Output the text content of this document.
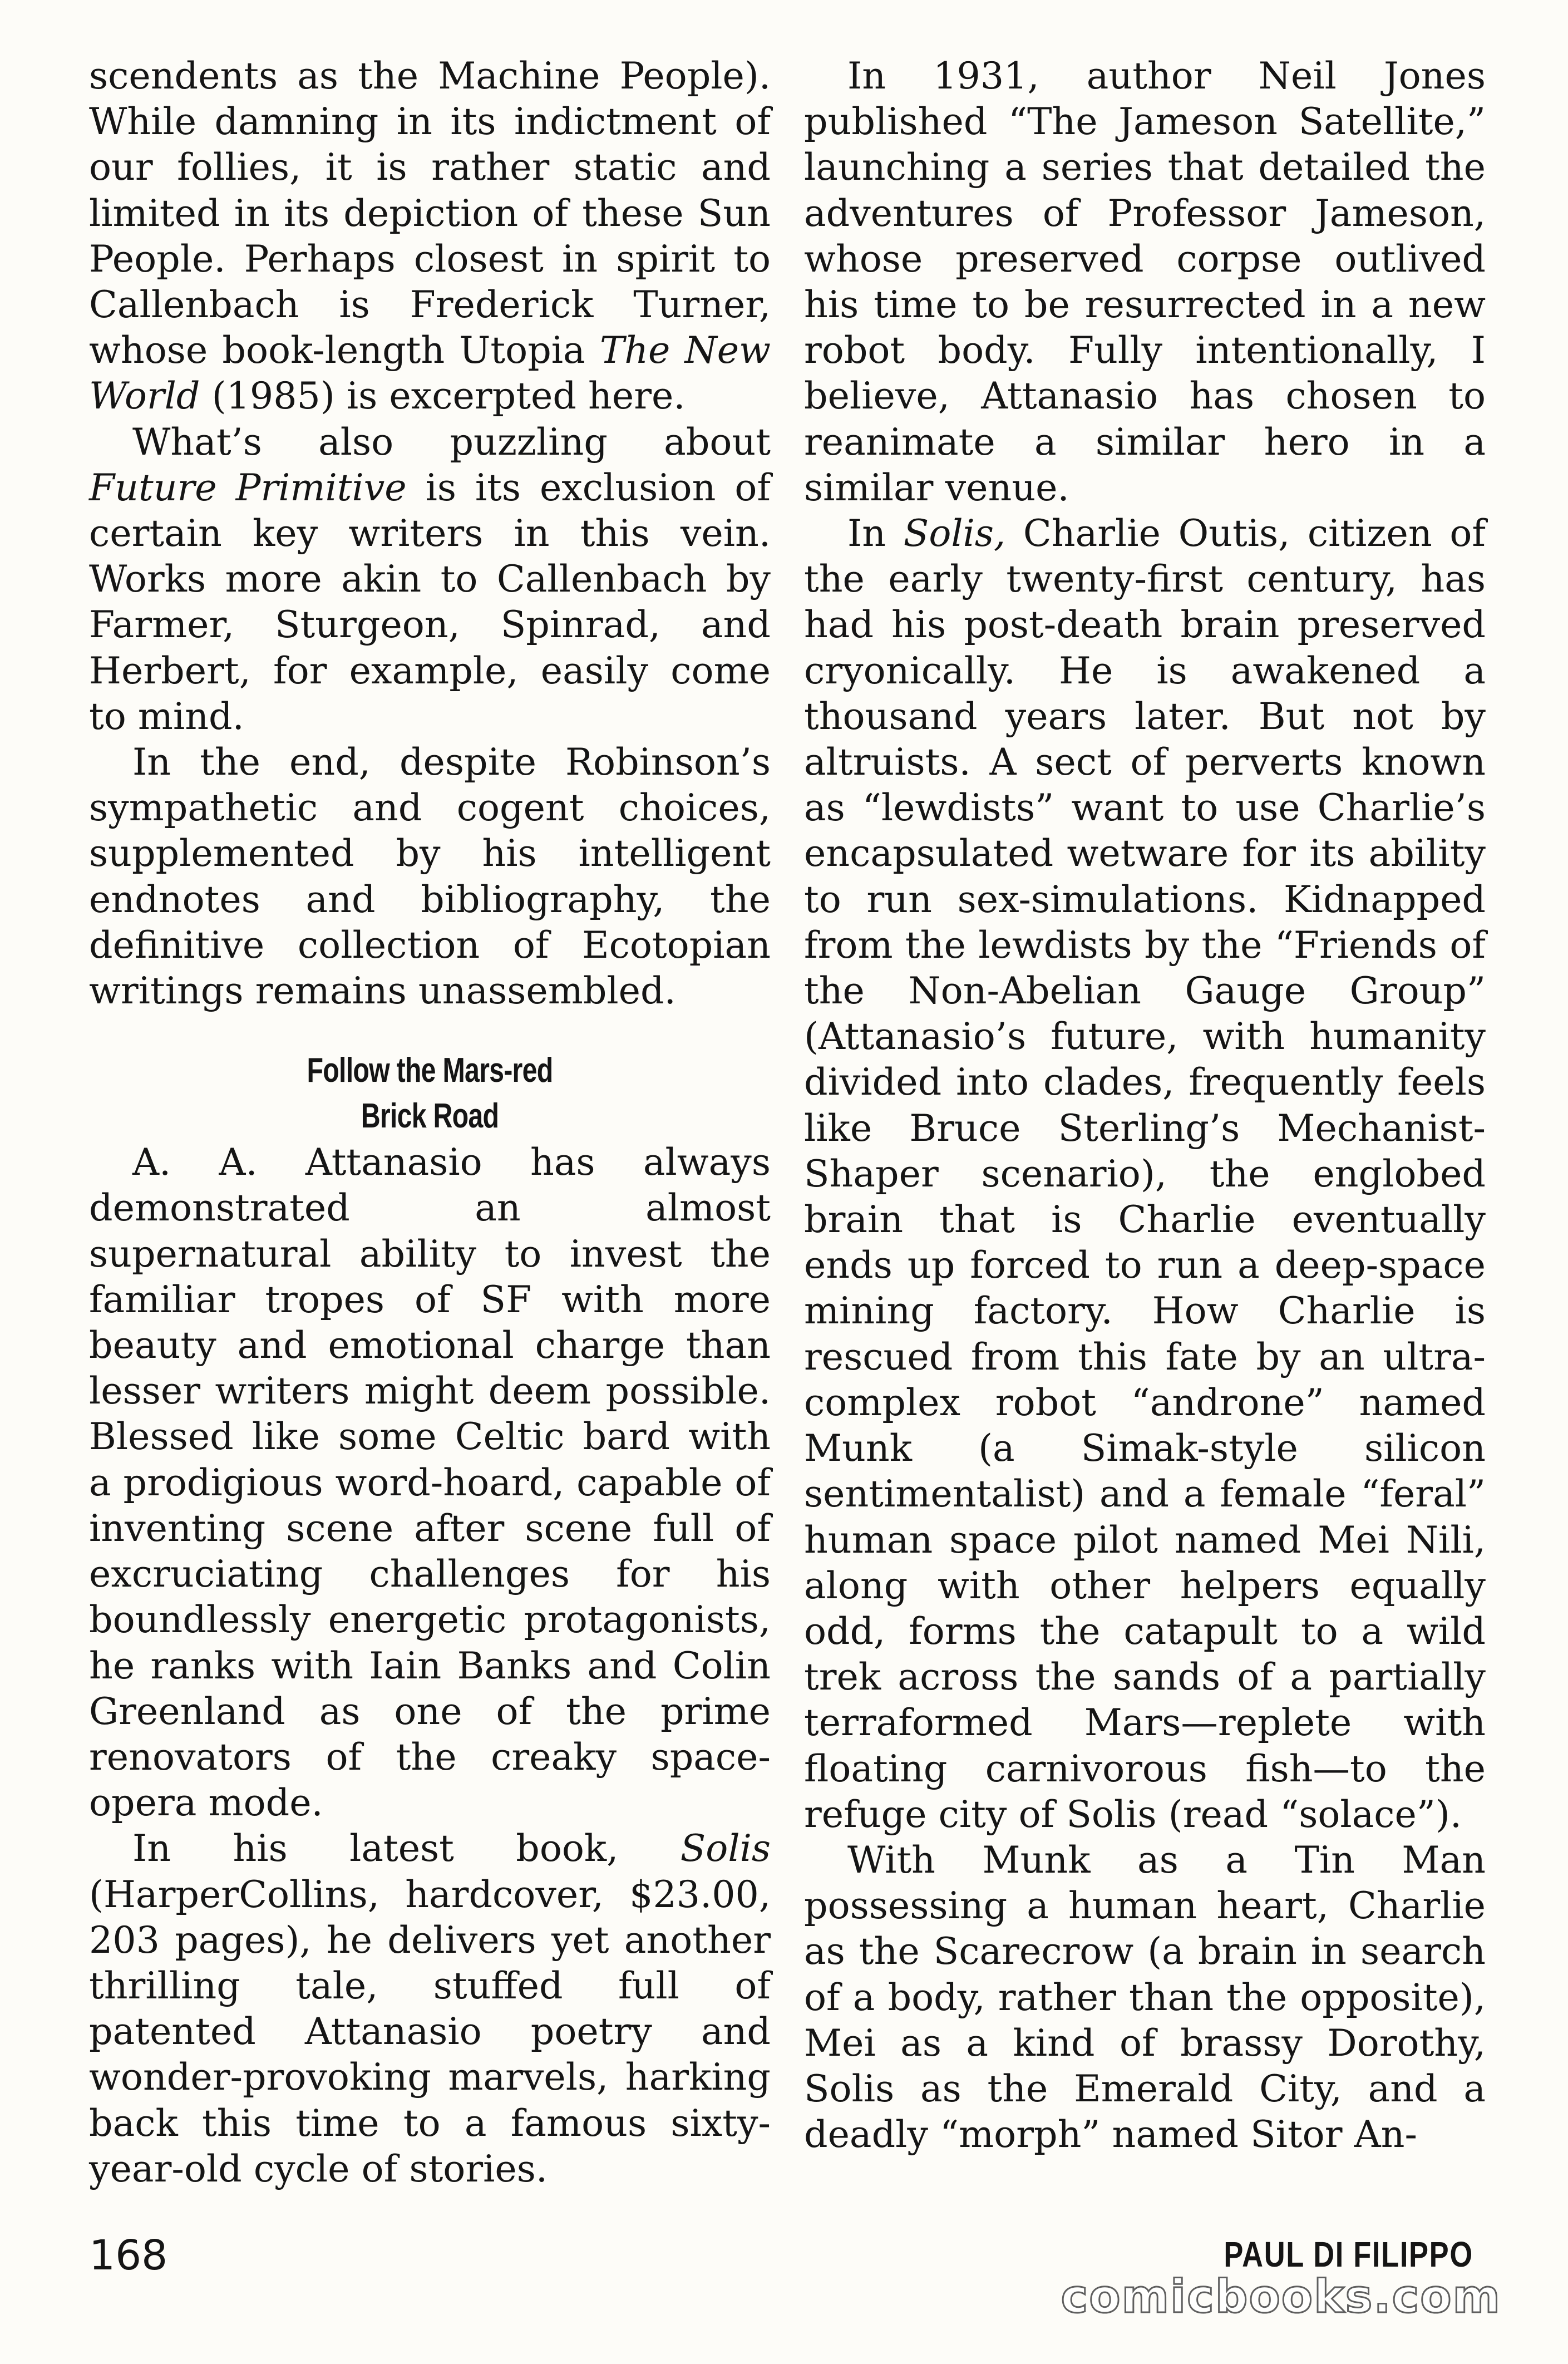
scendents as the Machine People). While damning in its indictment of our follies, it is rather static and limited in its depiction of these Sun People. Perhaps closest in spirit to Callenbach is Frederick Turner, whose book-length Utopia The New World (1985) is excerpted here.

What’s also puzzling about Future Primitive is its exclusion of certain key writers in this vein. Works more akin to Callenbach by Farmer, Sturgeon, Spinrad, and Herbert, for example, easily come to mind.

In the end, despite Robinson’s sympathetic and cogent choices, supplemented by his intelligent endnotes and bibliography, the definitive collection of Ecotopian writings remains unassembled.

Follow the Mars-red
Brick Road

A. A. Attanasio has always demonstrated an almost supernatural ability to invest the familiar tropes of SF with more beauty and emotional charge than lesser writers might deem possible. Blessed like some Celtic bard with a prodigious word-hoard, capable of inventing scene after scene full of excruciating challenges for his boundlessly energetic protagonists, he ranks with Iain Banks and Colin Greenland as one of the prime renovators of the creaky space-opera mode.

In his latest book, Solis (HarperCollins, hardcover, $23.00, 203 pages), he delivers yet another thrilling tale, stuffed full of patented Attanasio poetry and wonder-provoking marvels, harking back this time to a famous sixty-year-old cycle of stories.

In 1931, author Neil Jones published “The Jameson Satellite,” launching a series that detailed the adventures of Professor Jameson, whose preserved corpse outlived his time to be resurrected in a new robot body. Fully intentionally, I believe, Attanasio has chosen to reanimate a similar hero in a similar venue.

In Solis, Charlie Outis, citizen of the early twenty-first century, has had his post-death brain preserved cryonically. He is awakened a thousand years later. But not by altruists. A sect of perverts known as “lewdists” want to use Charlie’s encapsulated wetware for its ability to run sex-simulations. Kidnapped from the lewdists by the “Friends of the Non-Abelian Gauge Group” (Attanasio’s future, with humanity divided into clades, frequently feels like Bruce Sterling’s Mechanist-Shaper scenario), the englobed brain that is Charlie eventually ends up forced to run a deep-space mining factory. How Charlie is rescued from this fate by an ultra-complex robot “androne” named Munk (a Simak-style silicon sentimentalist) and a female “feral” human space pilot named Mei Nili, along with other helpers equally odd, forms the catapult to a wild trek across the sands of a partially terraformed Mars—replete with floating carnivorous fish—to the refuge city of Solis (read “solace”).

With Munk as a Tin Man possessing a human heart, Charlie as the Scarecrow (a brain in search of a body, rather than the opposite), Mei as a kind of brassy Dorothy, Solis as the Emerald City, and a deadly “morph” named Sitor An-

168	PAUL DI FILIPPO
comicbooks.com
